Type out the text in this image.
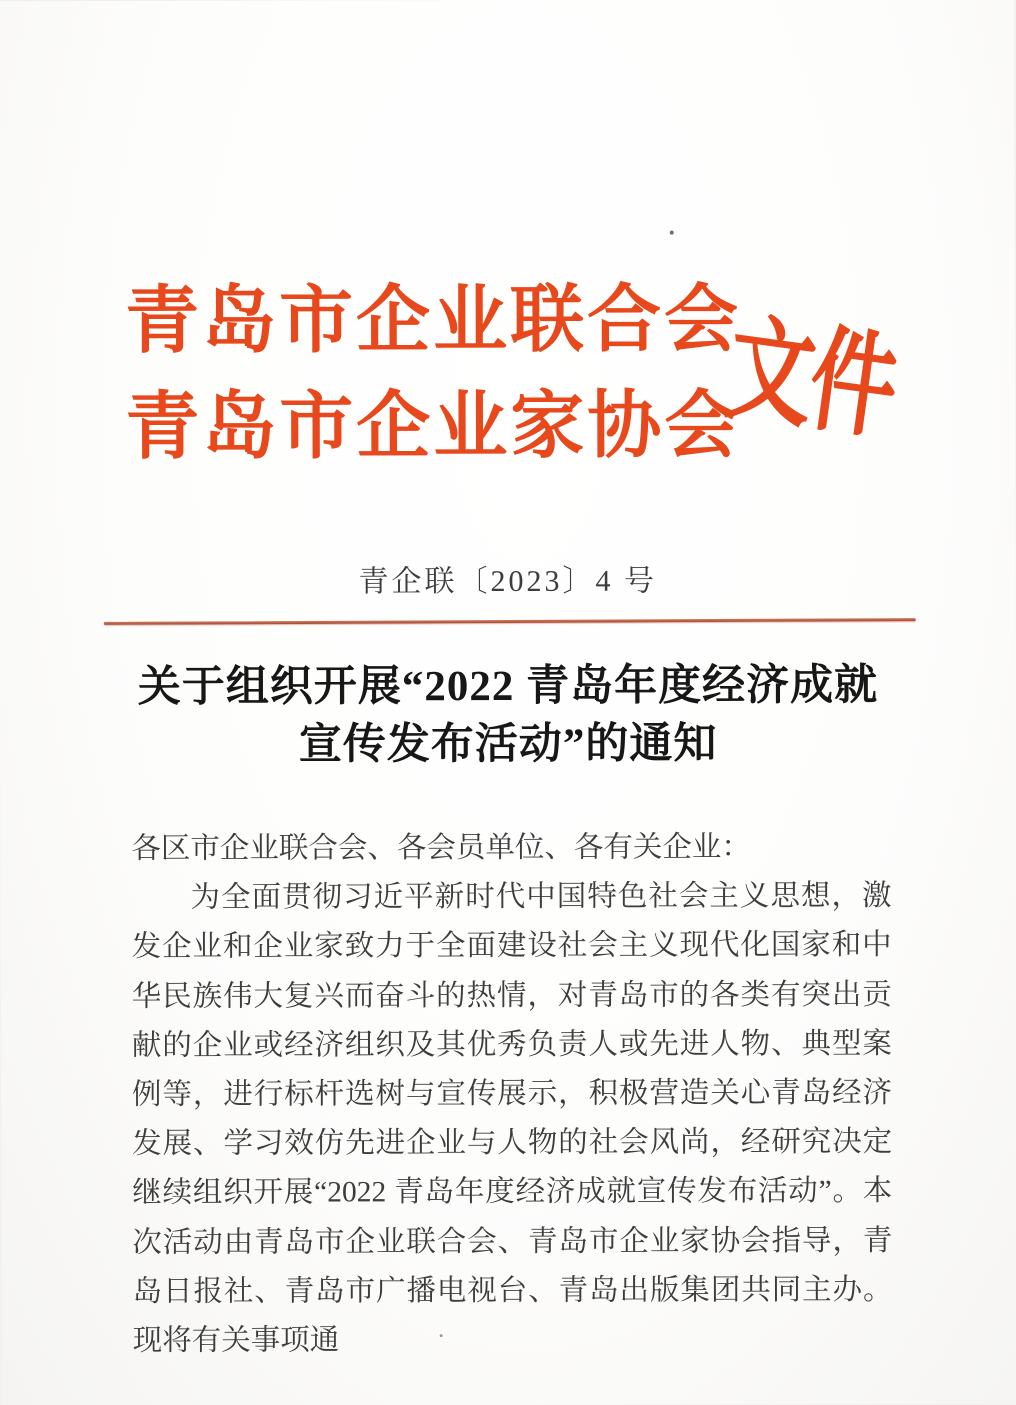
青岛市企业联合会
青岛市企业家协会
文件
青企联〔2023〕4 号
关于组织开展“2022 青岛年度经济成就
宣传发布活动”的通知

各区市企业联合会、各会员单位、各有关企业：

为全面贯彻习近平新时代中国特色社会主义思想，激发企业和企业家致力于全面建设社会主义现代化国家和中华民族伟大复兴而奋斗的热情，对青岛市的各类有突出贡献的企业或经济组织及其优秀负责人或先进人物、典型案例等，进行标杆选树与宣传展示，积极营造关心青岛经济发展、学习效仿先进企业与人物的社会风尚，经研究决定继续组织开展“2022 青岛年度经济成就宣传发布活动”。本次活动由青岛市企业联合会、青岛市企业家协会指导，青岛日报社、青岛市广播电视台、青岛出版集团共同主办。现将有关事项通
